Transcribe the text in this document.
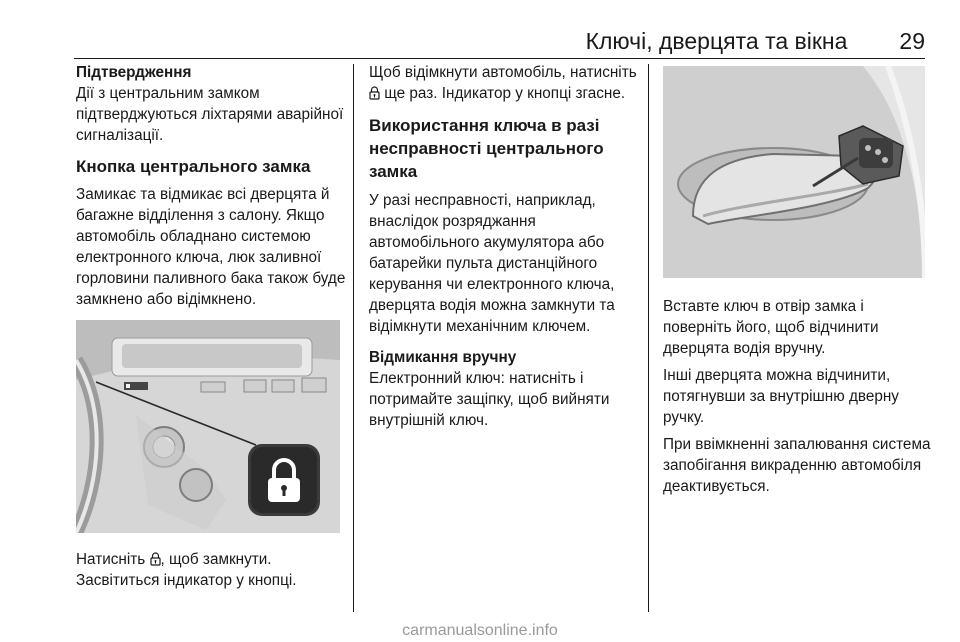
Ключі, дверцята та вікна 29
Підтвердження
Дії з центральним замком підтверджуються ліхтарями аварійної сигналізації.
Кнопка центрального замка
Замикає та відмикає всі дверцята й багажне відділення з салону. Якщо автомобіль обладнано системою електронного ключа, люк заливної горловини паливного бака також буде замкнено або відімкнено.
Натисніть , щоб замкнути.
Засвітиться індикатор у кнопці.
Щоб відімкнути автомобіль, натисніть  ще раз. Індикатор у кнопці згасне.
Використання ключа в разі несправності центрального замка
У разі несправності, наприклад, внаслідок розряджання автомобільного акумулятора або батарейки пульта дистанційного керування чи електронного ключа, дверцята водія можна замкнути та відімкнути механічним ключем.
Відмикання вручну
Електронний ключ: натисніть і потримайте защіпку, щоб вийняти внутрішній ключ.
Вставте ключ в отвір замка і поверніть його, щоб відчинити дверцята водія вручну.
Інші дверцята можна відчинити, потягнувши за внутрішню дверну ручку.
При ввімкненні запалювання система запобігання викраденню автомобіля деактивується.
carmanualsonline.info
